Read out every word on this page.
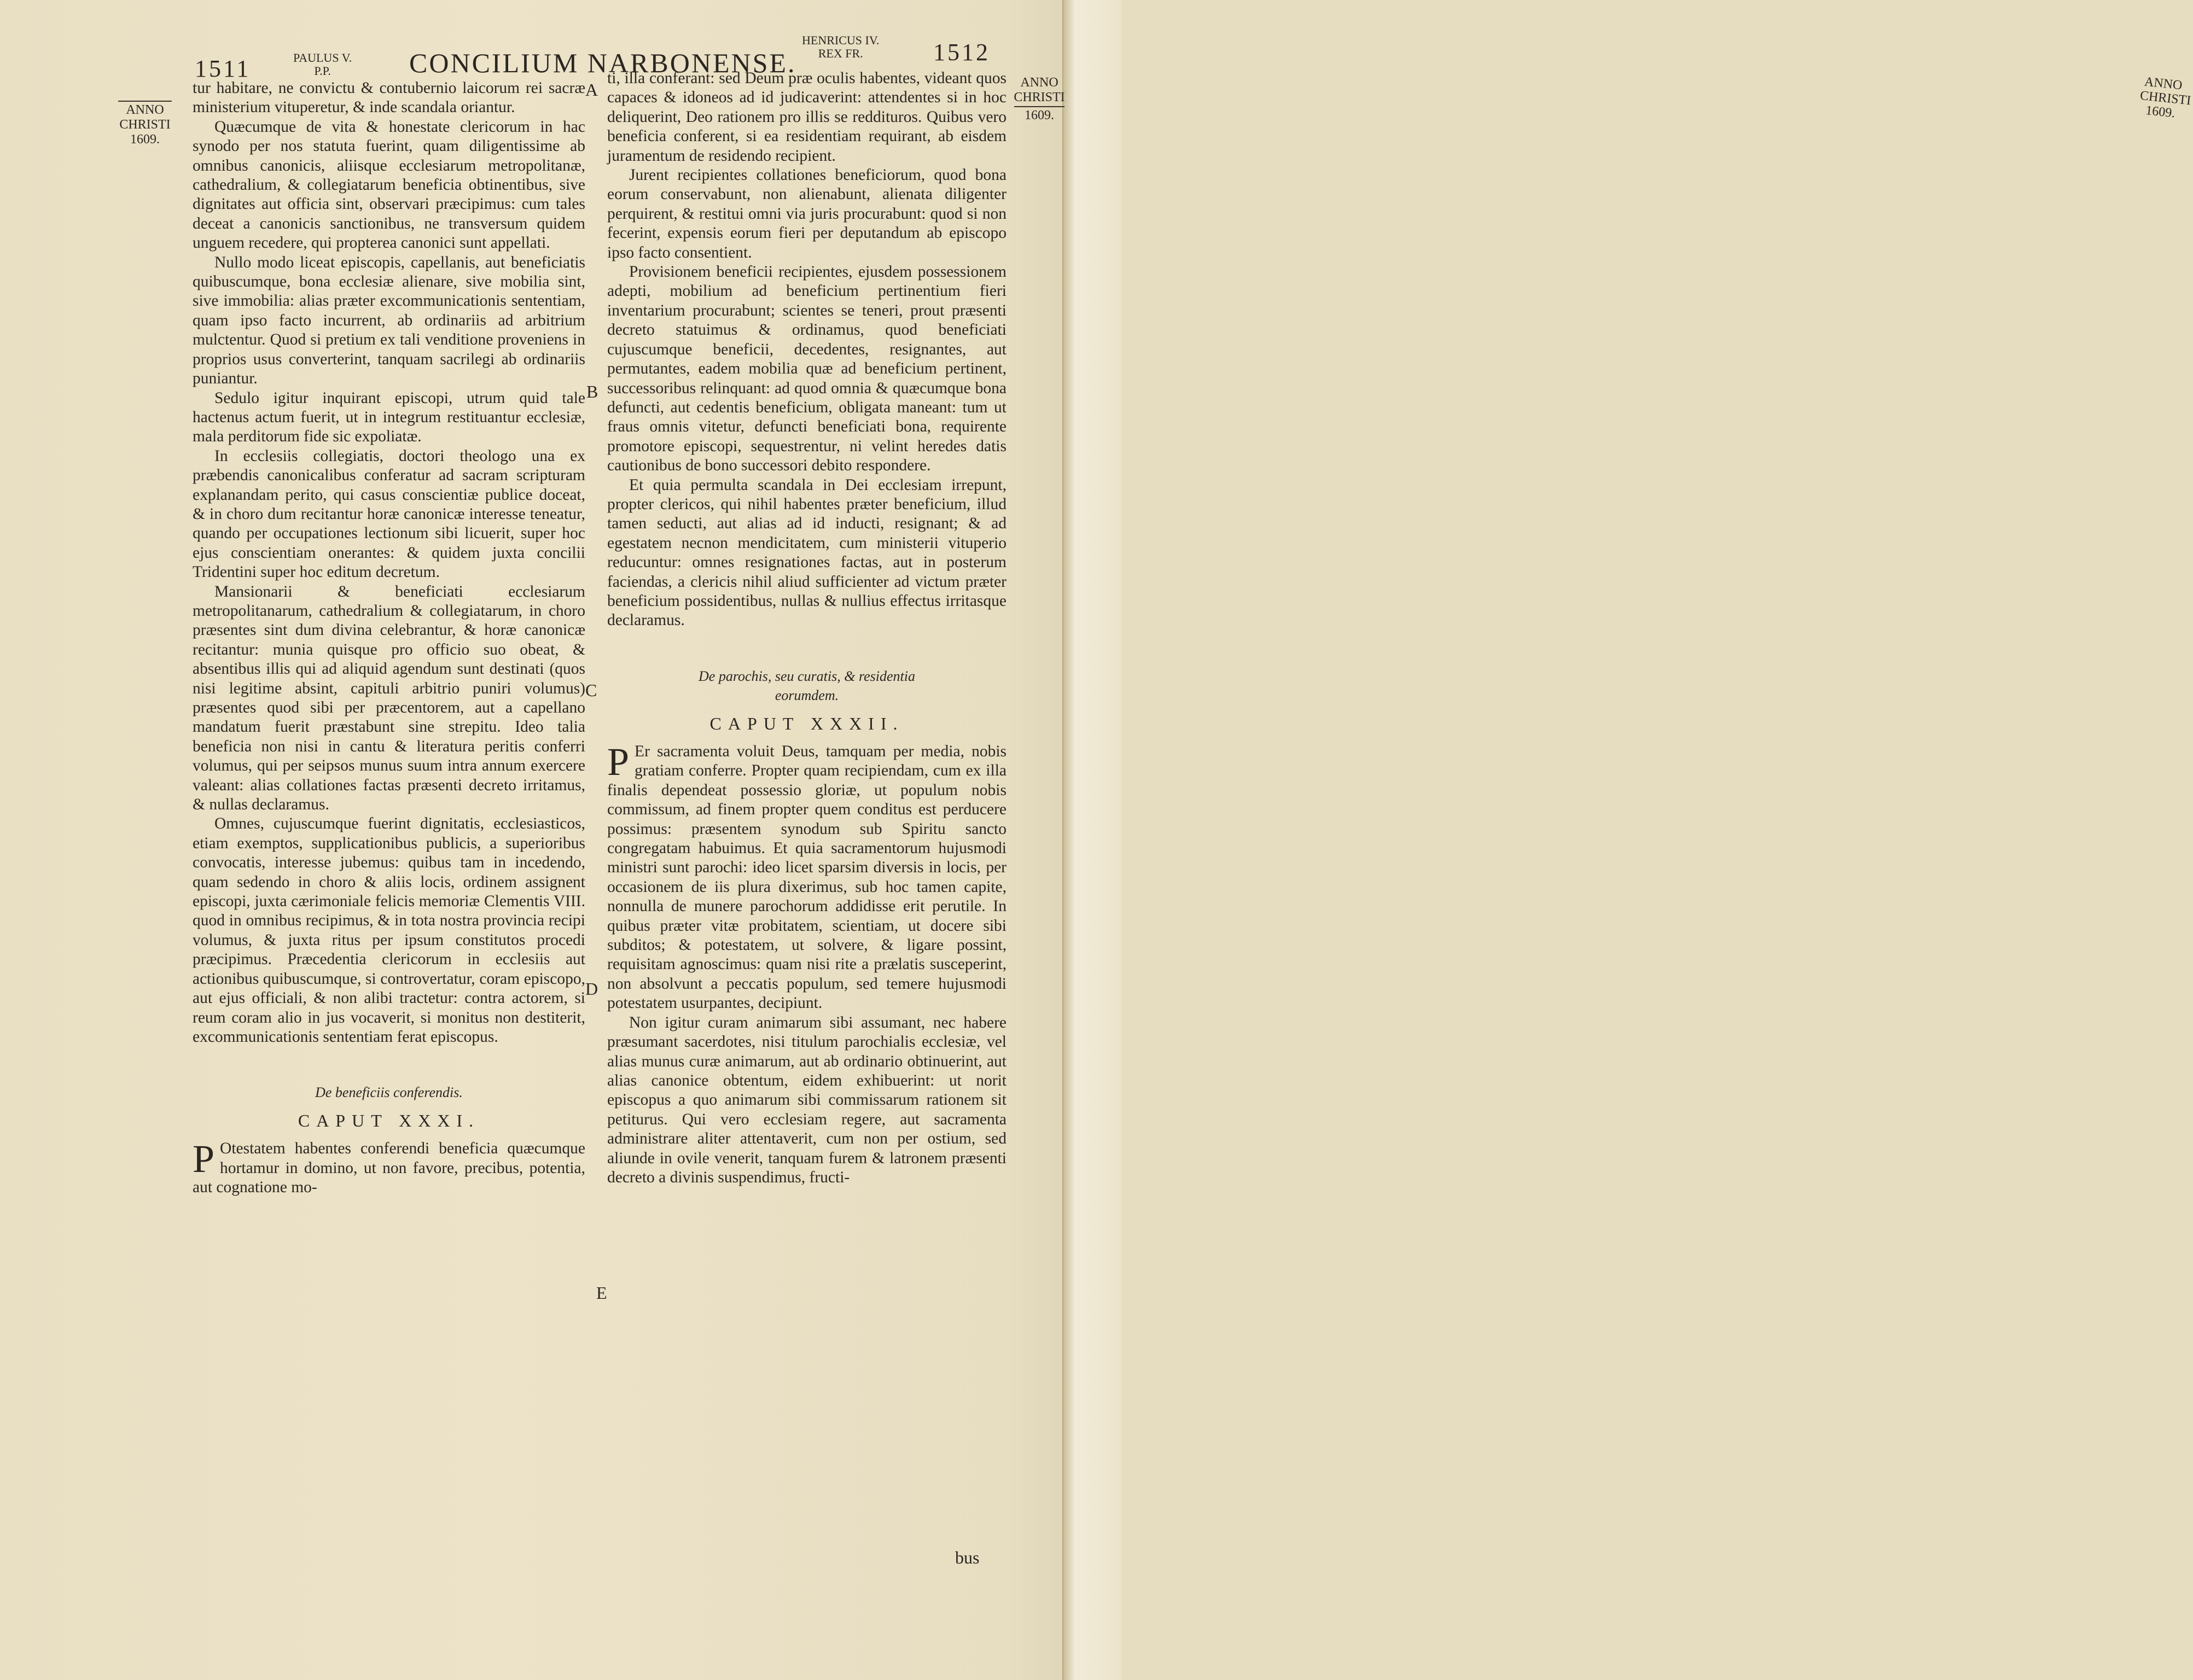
ANNO
CHRISTI
1609.
1511	PAULUS V.
P.P.	CONCILIUM NARBONENSE.
HENRICUS IV.
REX FR.	1512
ANNO
CHRISTI
1609.
ANNO
CHRISTI
1609.
A
B
C
D
E

tur habitare, ne convictu & contubernio laicorum rei sacræ ministerium vituperetur, & inde scandala oriantur.

Quæcumque de vita & honestate clericorum in hac synodo per nos statuta fuerint, quam diligentissime ab omnibus canonicis, aliisque ecclesiarum metropolitanæ, cathedralium, & collegiatarum beneficia obtinentibus, sive dignitates aut officia sint, observari præcipimus: cum tales deceat a canonicis sanctionibus, ne transversum quidem unguem recedere, qui propterea canonici sunt appellati.

Nullo modo liceat episcopis, capellanis, aut beneficiatis quibuscumque, bona ecclesiæ alienare, sive mobilia sint, sive immobilia: alias præter excommunicationis sententiam, quam ipso facto incurrent, ab ordinariis ad arbitrium mulctentur. Quod si pretium ex tali venditione proveniens in proprios usus converterint, tanquam sacrilegi ab ordinariis puniantur.

Sedulo igitur inquirant episcopi, utrum quid tale hactenus actum fuerit, ut in integrum restituantur ecclesiæ, mala perditorum fide sic expoliatæ.

In ecclesiis collegiatis, doctori theologo una ex præbendis canonicalibus conferatur ad sacram scripturam explanandam perito, qui casus conscientiæ publice doceat, & in choro dum recitantur horæ canonicæ interesse teneatur, quando per occupationes lectionum sibi licuerit, super hoc ejus conscientiam onerantes: & quidem juxta concilii Tridentini super hoc editum decretum.

Mansionarii & beneficiati ecclesiarum metropolitanarum, cathedralium & collegiatarum, in choro præsentes sint dum divina celebrantur, & horæ canonicæ recitantur: munia quisque pro officio suo obeat, & absentibus illis qui ad aliquid agendum sunt destinati (quos nisi legitime absint, capituli arbitrio puniri volumus) præsentes quod sibi per præcentorem, aut a capellano mandatum fuerit præstabunt sine strepitu. Ideo talia beneficia non nisi in cantu & literatura peritis conferri volumus, qui per seipsos munus suum intra annum exercere valeant: alias collationes factas præsenti decreto irritamus, & nullas declaramus.

Omnes, cujuscumque fuerint dignitatis, ecclesiasticos, etiam exemptos, supplicationibus publicis, a superioribus convocatis, interesse jubemus: quibus tam in incedendo, quam sedendo in choro & aliis locis, ordinem assignent episcopi, juxta cærimoniale felicis memoriæ Clementis VIII. quod in omnibus recipimus, & in tota nostra provincia recipi volumus, & juxta ritus per ipsum constitutos procedi præcipimus. Præcedentia clericorum in ecclesiis aut actionibus quibuscumque, si controvertatur, coram episcopo, aut ejus officiali, & non alibi tractetur: contra actorem, si reum coram alio in jus vocaverit, si monitus non destiterit, excommunicationis sententiam ferat episcopus.

De beneficiis conferendis.
CAPUT XXXI.

P Otestatem habentes conferendi beneficia quæcumque hortamur in domino, ut non favore, precibus, potentia, aut cognatione mo-

ti, illa conferant: sed Deum præ oculis habentes, videant quos capaces & idoneos ad id judicaverint: attendentes si in hoc deliquerint, Deo rationem pro illis se reddituros. Quibus vero beneficia conferent, si ea residentiam requirant, ab eisdem juramentum de residendo recipient.

Jurent recipientes collationes beneficiorum, quod bona eorum conservabunt, non alienabunt, alienata diligenter perquirent, & restitui omni via juris procurabunt: quod si non fecerint, expensis eorum fieri per deputandum ab episcopo ipso facto consentient.

Provisionem beneficii recipientes, ejusdem possessionem adepti, mobilium ad beneficium pertinentium fieri inventarium procurabunt; scientes se teneri, prout præsenti decreto statuimus & ordinamus, quod beneficiati cujuscumque beneficii, decedentes, resignantes, aut permutantes, eadem mobilia quæ ad beneficium pertinent, successoribus relinquant: ad quod omnia & quæcumque bona defuncti, aut cedentis beneficium, obligata maneant: tum ut fraus omnis vitetur, defuncti beneficiati bona, requirente promotore episcopi, sequestrentur, ni velint heredes datis cautionibus de bono successori debito respondere.

Et quia permulta scandala in Dei ecclesiam irrepunt, propter clericos, qui nihil habentes præter beneficium, illud tamen seducti, aut alias ad id inducti, resignant; & ad egestatem necnon mendicitatem, cum ministerii vituperio reducuntur: omnes resignationes factas, aut in posterum faciendas, a clericis nihil aliud sufficienter ad victum præter beneficium possidentibus, nullas & nullius effectus irritasque declaramus.

De parochis, seu curatis, & residentia
eorumdem.
CAPUT XXXII.

P Er sacramenta voluit Deus, tamquam per media, nobis gratiam conferre. Propter quam recipiendam, cum ex illa finalis dependeat possessio gloriæ, ut populum nobis commissum, ad finem propter quem conditus est perducere possimus: præsentem synodum sub Spiritu sancto congregatam habuimus. Et quia sacramentorum hujusmodi ministri sunt parochi: ideo licet sparsim diversis in locis, per occasionem de iis plura dixerimus, sub hoc tamen capite, nonnulla de munere parochorum addidisse erit perutile. In quibus præter vitæ probitatem, scientiam, ut docere sibi subditos; & potestatem, ut solvere, & ligare possint, requisitam agnoscimus: quam nisi rite a prælatis susceperint, non absolvunt a peccatis populum, sed temere hujusmodi potestatem usurpantes, decipiunt.

Non igitur curam animarum sibi assumant, nec habere præsumant sacerdotes, nisi titulum parochialis ecclesiæ, vel alias munus curæ animarum, aut ab ordinario obtinuerint, aut alias canonice obtentum, eidem exhibuerint: ut norit episcopus a quo animarum sibi commissarum rationem sit petiturus. Qui vero ecclesiam regere, aut sacramenta administrare aliter attentaverit, cum non per ostium, sed aliunde in ovile venerit, tanquam furem & latronem præsenti decreto a divinis suspendimus, fructi-

bus
